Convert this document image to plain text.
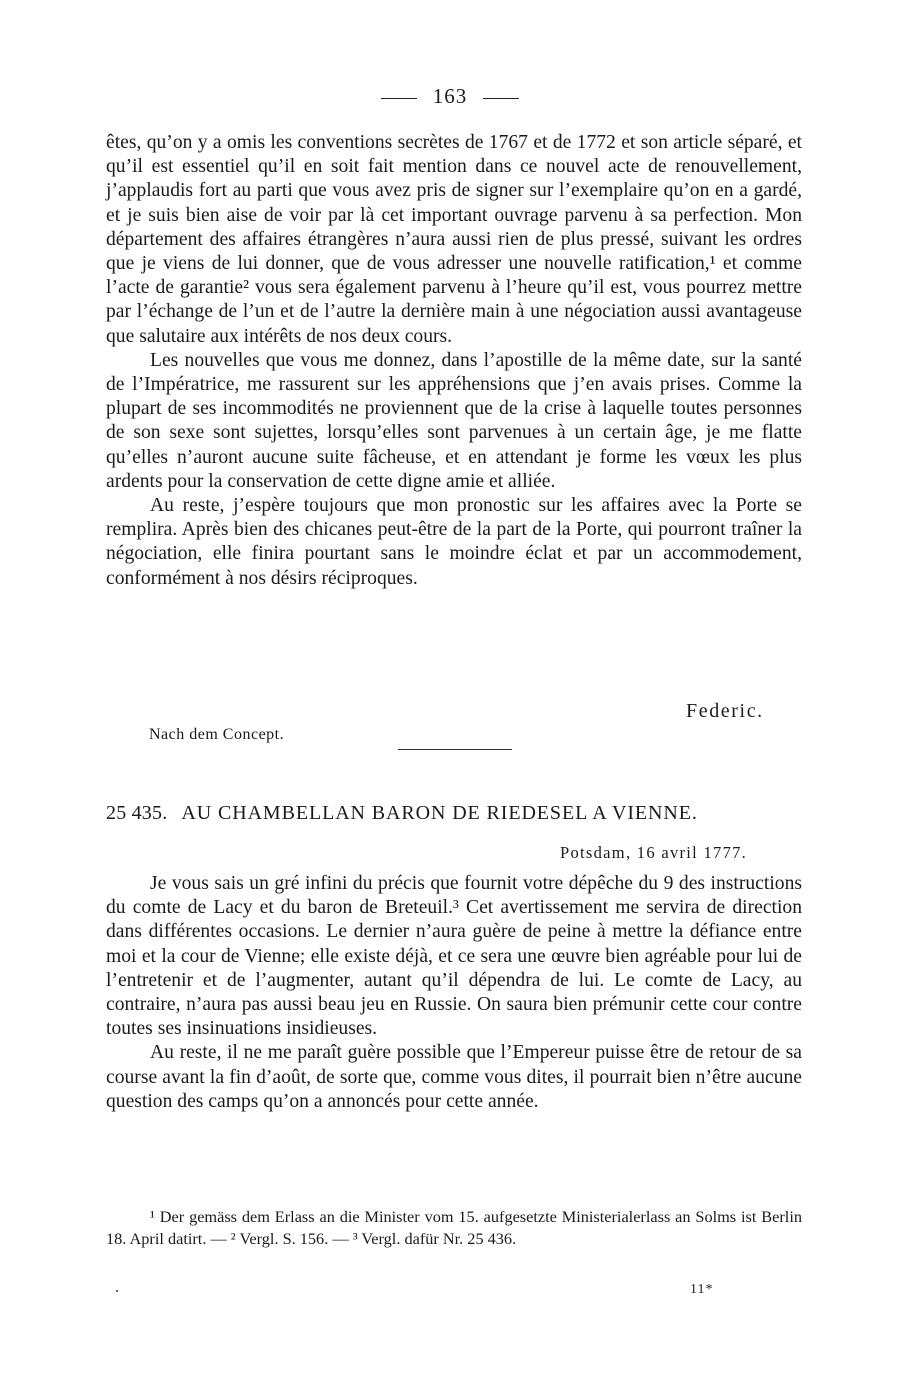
163

êtes, qu’on y a omis les conventions secrètes de 1767 et de 1772 et son article séparé, et qu’il est essentiel qu’il en soit fait mention dans ce nouvel acte de renouvellement, j’applaudis fort au parti que vous avez pris de signer sur l’exemplaire qu’on en a gardé, et je suis bien aise de voir par là cet important ouvrage parvenu à sa perfection. Mon département des affaires étrangères n’aura aussi rien de plus pressé, suivant les ordres que je viens de lui donner, que de vous adresser une nouvelle ratification,¹ et comme l’acte de garantie² vous sera également parvenu à l’heure qu’il est, vous pourrez mettre par l’échange de l’un et de l’autre la dernière main à une négociation aussi avantageuse que salutaire aux intérêts de nos deux cours.

Les nouvelles que vous me donnez, dans l’apostille de la même date, sur la santé de l’Impératrice, me rassurent sur les appréhensions que j’en avais prises. Comme la plupart de ses incommodités ne proviennent que de la crise à laquelle toutes personnes de son sexe sont sujettes, lorsqu’elles sont parvenues à un certain âge, je me flatte qu’elles n’auront aucune suite fâcheuse, et en attendant je forme les vœux les plus ardents pour la conservation de cette digne amie et alliée.

Au reste, j’espère toujours que mon pronostic sur les affaires avec la Porte se remplira. Après bien des chicanes peut-être de la part de la Porte, qui pourront traîner la négociation, elle finira pourtant sans le moindre éclat et par un accommodement, conformément à nos désirs réciproques.

Federic.
Nach dem Concept.
25 435. AU CHAMBELLAN BARON DE RIEDESEL A VIENNE.
Potsdam, 16 avril 1777.

Je vous sais un gré infini du précis que fournit votre dépêche du 9 des instructions du comte de Lacy et du baron de Breteuil.³ Cet avertissement me servira de direction dans différentes occasions. Le dernier n’aura guère de peine à mettre la défiance entre moi et la cour de Vienne; elle existe déjà, et ce sera une œuvre bien agréable pour lui de l’entretenir et de l’augmenter, autant qu’il dépendra de lui. Le comte de Lacy, au contraire, n’aura pas aussi beau jeu en Russie. On saura bien prémunir cette cour contre toutes ses insinuations insidieuses.

Au reste, il ne me paraît guère possible que l’Empereur puisse être de retour de sa course avant la fin d’août, de sorte que, comme vous dites, il pourrait bien n’être aucune question des camps qu’on a annoncés pour cette année.

¹ Der gemäss dem Erlass an die Minister vom 15. aufgesetzte Ministerialerlass an Solms ist Berlin 18. April datirt. — ² Vergl. S. 156. — ³ Vergl. dafür Nr. 25 436.

11*
